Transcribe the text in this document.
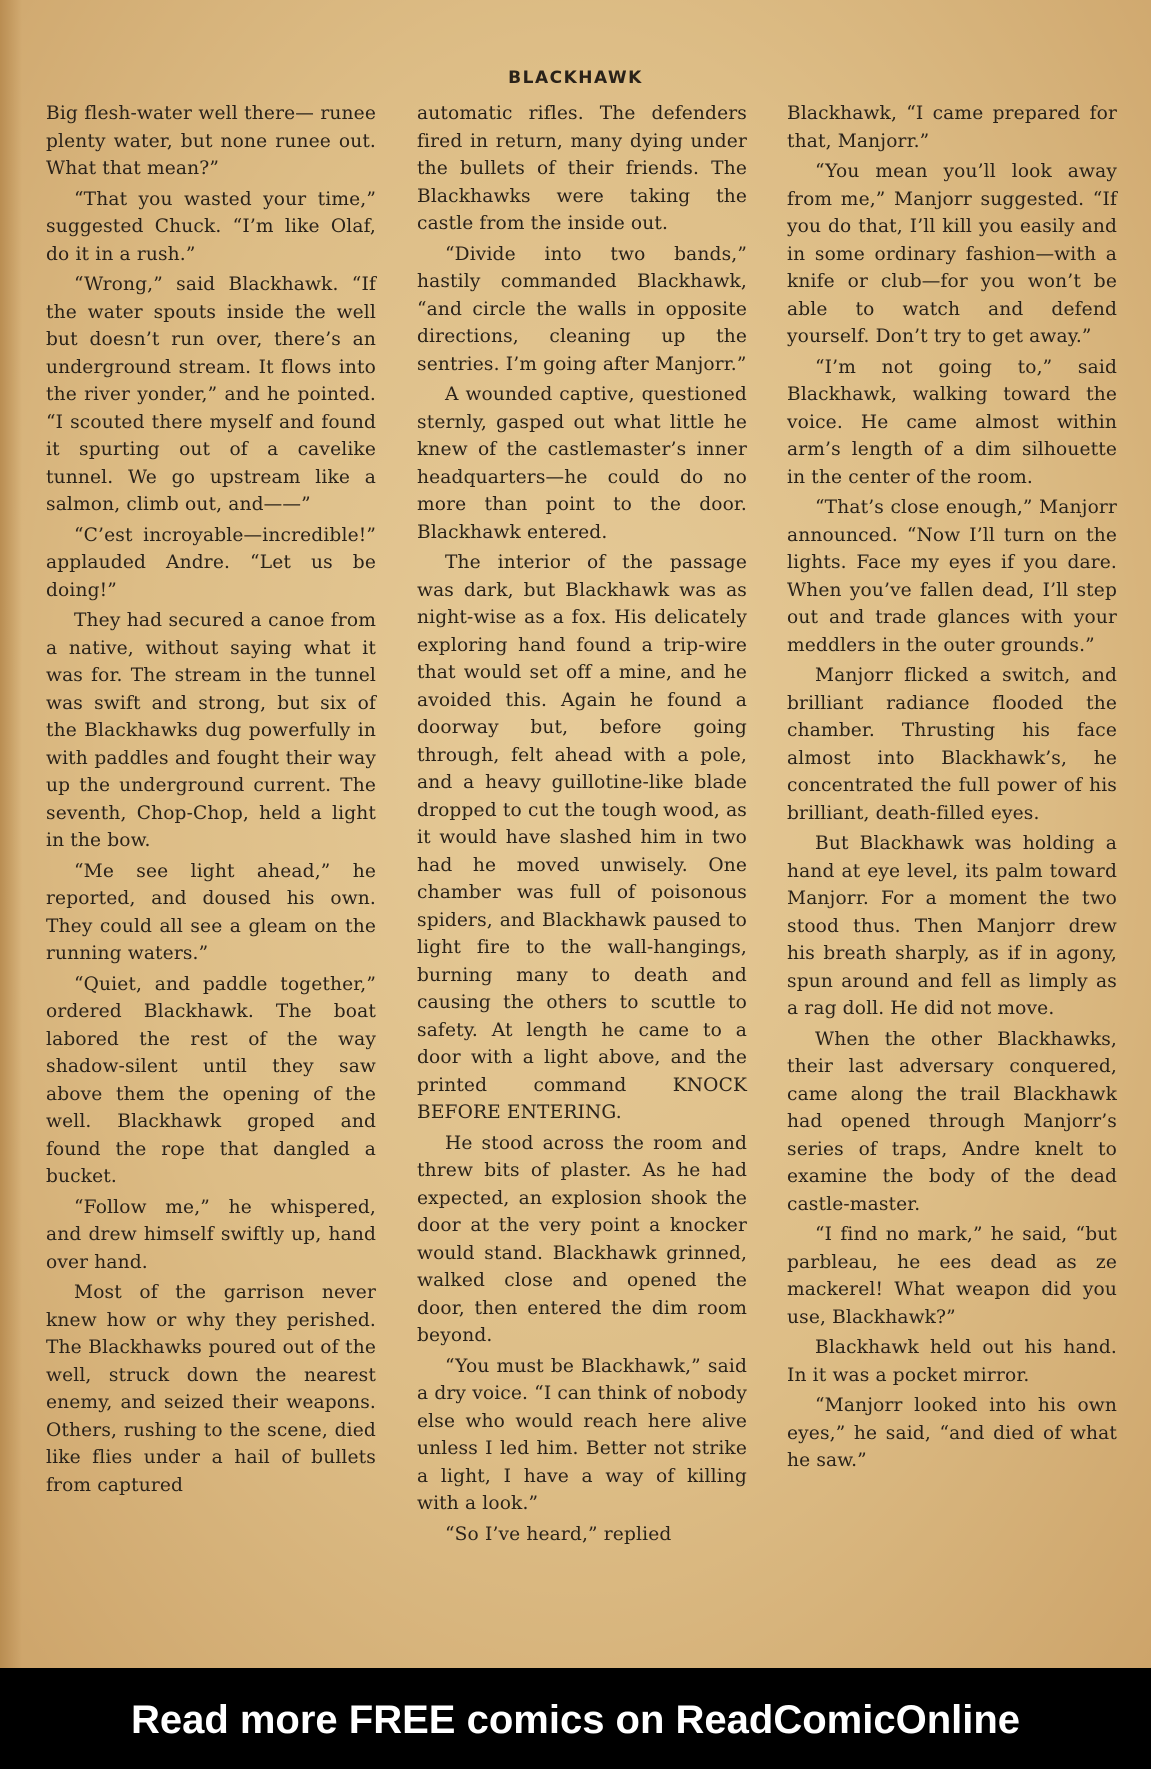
BLACKHAWK

Big flesh-water well there— runee plenty water, but none runee out. What that mean?”

“That you wasted your time,” suggested Chuck. “I’m like Olaf, do it in a rush.”

“Wrong,” said Blackhawk. “If the water spouts inside the well but doesn’t run over, there’s an underground stream. It flows into the river yonder,” and he pointed. “I scouted there myself and found it spurting out of a cavelike tunnel. We go upstream like a salmon, climb out, and——”

“C’est incroyable—incredible!” applauded Andre. “Let us be doing!”

They had secured a canoe from a native, without saying what it was for. The stream in the tunnel was swift and strong, but six of the Blackhawks dug powerfully in with paddles and fought their way up the underground current. The seventh, Chop-Chop, held a light in the bow.

“Me see light ahead,” he reported, and doused his own. They could all see a gleam on the running waters.”

“Quiet, and paddle together,” ordered Blackhawk. The boat labored the rest of the way shadow-silent until they saw above them the opening of the well. Blackhawk groped and found the rope that dangled a bucket.

“Follow me,” he whispered, and drew himself swiftly up, hand over hand.

Most of the garrison never knew how or why they perished. The Blackhawks poured out of the well, struck down the nearest enemy, and seized their weapons. Others, rushing to the scene, died like flies under a hail of bullets from captured

automatic rifles. The defenders fired in return, many dying under the bullets of their friends. The Blackhawks were taking the castle from the inside out.

“Divide into two bands,” hastily commanded Blackhawk, “and circle the walls in opposite directions, cleaning up the sentries. I’m going after Manjorr.”

A wounded captive, questioned sternly, gasped out what little he knew of the castlemaster’s inner headquarters—he could do no more than point to the door. Blackhawk entered.

The interior of the passage was dark, but Blackhawk was as night-wise as a fox. His delicately exploring hand found a trip-wire that would set off a mine, and he avoided this. Again he found a doorway but, before going through, felt ahead with a pole, and a heavy guillotine-like blade dropped to cut the tough wood, as it would have slashed him in two had he moved unwisely. One chamber was full of poisonous spiders, and Blackhawk paused to light fire to the wall-hangings, burning many to death and causing the others to scuttle to safety. At length he came to a door with a light above, and the printed command KNOCK BEFORE ENTERING.

He stood across the room and threw bits of plaster. As he had expected, an explosion shook the door at the very point a knocker would stand. Blackhawk grinned, walked close and opened the door, then entered the dim room beyond.

“You must be Blackhawk,” said a dry voice. “I can think of nobody else who would reach here alive unless I led him. Better not strike a light, I have a way of killing with a look.”

“So I’ve heard,” replied

Blackhawk, “I came prepared for that, Manjorr.”

“You mean you’ll look away from me,” Manjorr suggested. “If you do that, I’ll kill you easily and in some ordinary fashion—with a knife or club—for you won’t be able to watch and defend yourself. Don’t try to get away.”

“I’m not going to,” said Blackhawk, walking toward the voice. He came almost within arm’s length of a dim silhouette in the center of the room.

“That’s close enough,” Manjorr announced. “Now I’ll turn on the lights. Face my eyes if you dare. When you’ve fallen dead, I’ll step out and trade glances with your meddlers in the outer grounds.”

Manjorr flicked a switch, and brilliant radiance flooded the chamber. Thrusting his face almost into Blackhawk’s, he concentrated the full power of his brilliant, death-filled eyes.

But Blackhawk was holding a hand at eye level, its palm toward Manjorr. For a moment the two stood thus. Then Manjorr drew his breath sharply, as if in agony, spun around and fell as limply as a rag doll. He did not move.

When the other Blackhawks, their last adversary conquered, came along the trail Blackhawk had opened through Manjorr’s series of traps, Andre knelt to examine the body of the dead castle-master.

“I find no mark,” he said, “but parbleau, he ees dead as ze mackerel! What weapon did you use, Blackhawk?”

Blackhawk held out his hand. In it was a pocket mirror.

“Manjorr looked into his own eyes,” he said, “and died of what he saw.”

Read more FREE comics on ReadComicOnline
